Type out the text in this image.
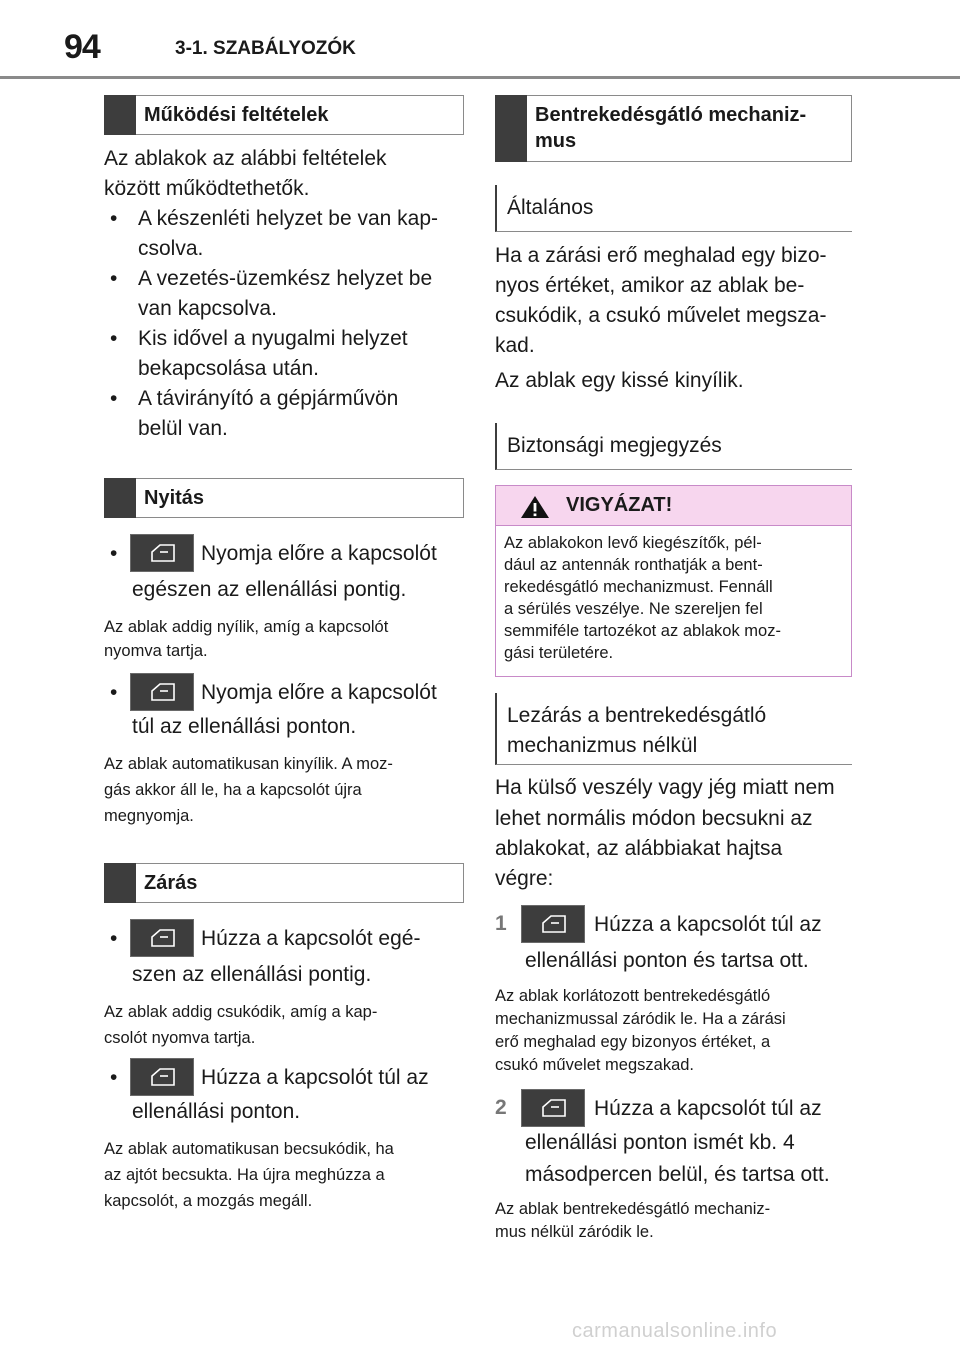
94	3-1. SZABÁLYOZÓK
Működési feltételek
Az ablakok az alábbi feltételek
között működtethetők.
• A készenléti helyzet be van kap-
csolva.
• A vezetés-üzemkész helyzet be
van kapcsolva.
• Kis idővel a nyugalmi helyzet
bekapcsolása után.
• A távirányító a gépjárművön
belül van.
Nyitás
•	Nyomja előre a kapcsolót
egészen az ellenállási pontig.
Az ablak addig nyílik, amíg a kapcsolót
nyomva tartja.
•	Nyomja előre a kapcsolót
túl az ellenállási ponton.
Az ablak automatikusan kinyílik. A moz-
gás akkor áll le, ha a kapcsolót újra
megnyomja.
Zárás
•	Húzza a kapcsolót egé-
szen az ellenállási pontig.
Az ablak addig csukódik, amíg a kap-
csolót nyomva tartja.
•	Húzza a kapcsolót túl az
ellenállási ponton.
Az ablak automatikusan becsukódik, ha
az ajtót becsukta. Ha újra meghúzza a
kapcsolót, a mozgás megáll.
Bentrekedésgátló mechaniz-
mus
Általános
Ha a zárási erő meghalad egy bizo-
nyos értéket, amikor az ablak be-
csukódik, a csukó művelet megsza-
kad.
Az ablak egy kissé kinyílik.
Biztonsági megjegyzés
VIGYÁZAT!
Az ablakokon levő kiegészítők, pél-
dául az antennák ronthatják a bent-
rekedésgátló mechanizmust. Fennáll
a sérülés veszélye. Ne szereljen fel
semmiféle tartozékot az ablakok moz-
gási területére.
Lezárás a bentrekedésgátló
mechanizmus nélkül
Ha külső veszély vagy jég miatt nem
lehet normális módon becsukni az
ablakokat, az alábbiakat hajtsa
végre:
1	Húzza a kapcsolót túl az
ellenállási ponton és tartsa ott.
Az ablak korlátozott bentrekedésgátló
mechanizmussal záródik le. Ha a zárási
erő meghalad egy bizonyos értéket, a
csukó művelet megszakad.
2	Húzza a kapcsolót túl az
ellenállási ponton ismét kb. 4
másodpercen belül, és tartsa ott.
Az ablak bentrekedésgátló mechaniz-
mus nélkül záródik le.
carmanualsonline.info
